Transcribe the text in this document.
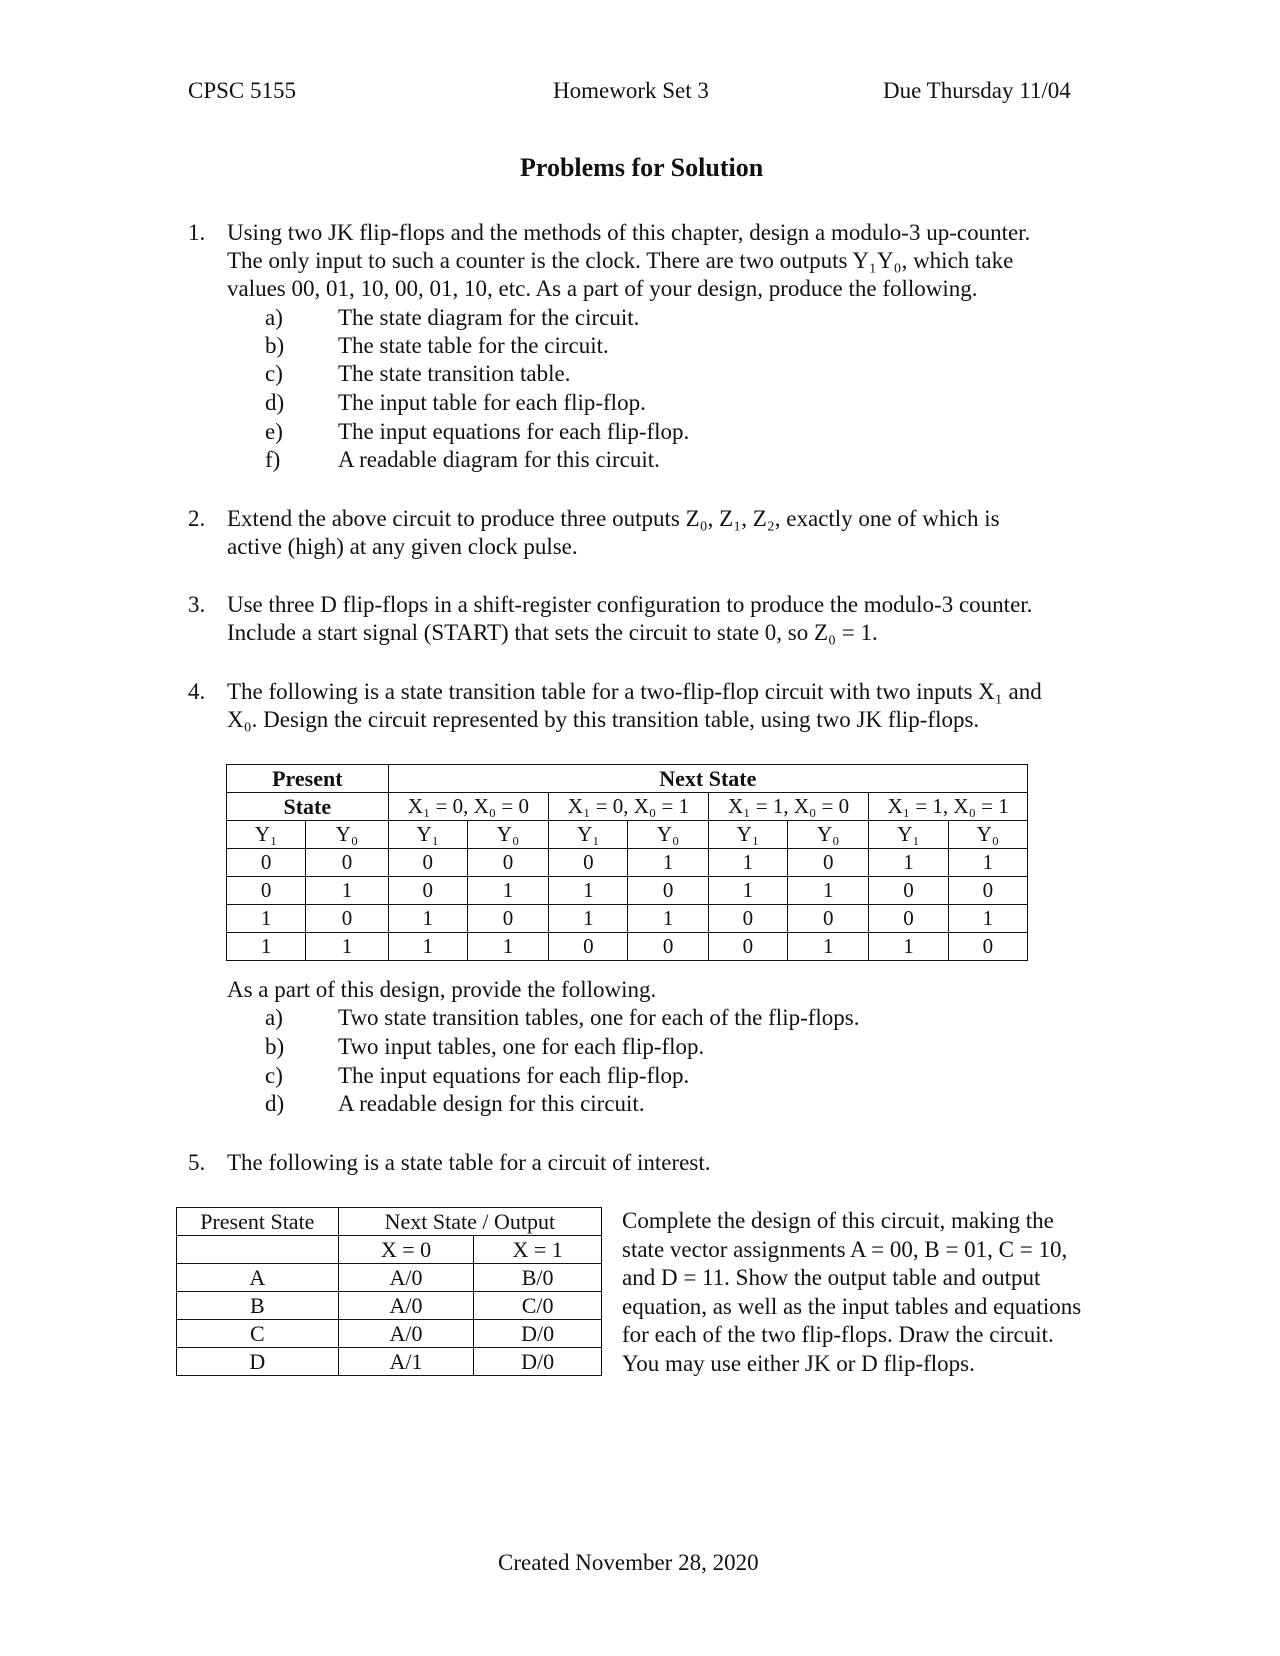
CPSC 5155	Homework Set 3	Due Thursday 11/04
Problems for Solution
1. Using two JK flip-flops and the methods of this chapter, design a modulo-3 up-counter.
The only input to such a counter is the clock. There are two outputs Y₁Y₀, which take
values 00, 01, 10, 00, 01, 10, etc. As a part of your design, produce the following.
a) The state diagram for the circuit.
b) The state table for the circuit.
c) The state transition table.
d) The input table for each flip-flop.
e) The input equations for each flip-flop.
f)	A readable diagram for this circuit.
2. Extend the above circuit to produce three outputs Z₀, Z₁, Z₂, exactly one of which is
active (high) at any given clock pulse.
3. Use three D flip-flops in a shift-register configuration to produce the modulo-3 counter.
Include a start signal (START) that sets the circuit to state 0, so Z₀ = 1.
4. The following is a state transition table for a two-flip-flop circuit with two inputs X₁ and
X₀. Design the circuit represented by this transition table, using two JK flip-flops.
Present		Next State							
State		X₁ = 0, X₀ = 0		X₁ = 0, X₀ = 1		X₁ = 1, X₀ = 0		X₁ = 1, X₀ = 1	
Y₁	Y₀	Y₁	Y₀	Y₁	Y₀	Y₁	Y₀	Y₁	Y₀
0	0	0	0	0	1	1	0	1	1
0	1	0	1	1	0	1	1	0	0
1	0	1	0	1	1	0	0	0	1
1	1	1	1	0	0	0	1	1	0
As a part of this design, provide the following.
a) Two state transition tables, one for each of the flip-flops.
b) Two input tables, one for each flip-flop.
c) The input equations for each flip-flop.
d) A readable design for this circuit.
5. The following is a state table for a circuit of interest.
Present State	Next State / Output	
	X = 0	X = 1
A	A/0	B/0
B	A/0	C/0
C	A/0	D/0
D	A/1	D/0
Complete the design of this circuit, making the
state vector assignments A = 00, B = 01, C = 10,
and D = 11. Show the output table and output
equation, as well as the input tables and equations
for each of the two flip-flops. Draw the circuit.
You may use either JK or D flip-flops.
Created November 28, 2020
